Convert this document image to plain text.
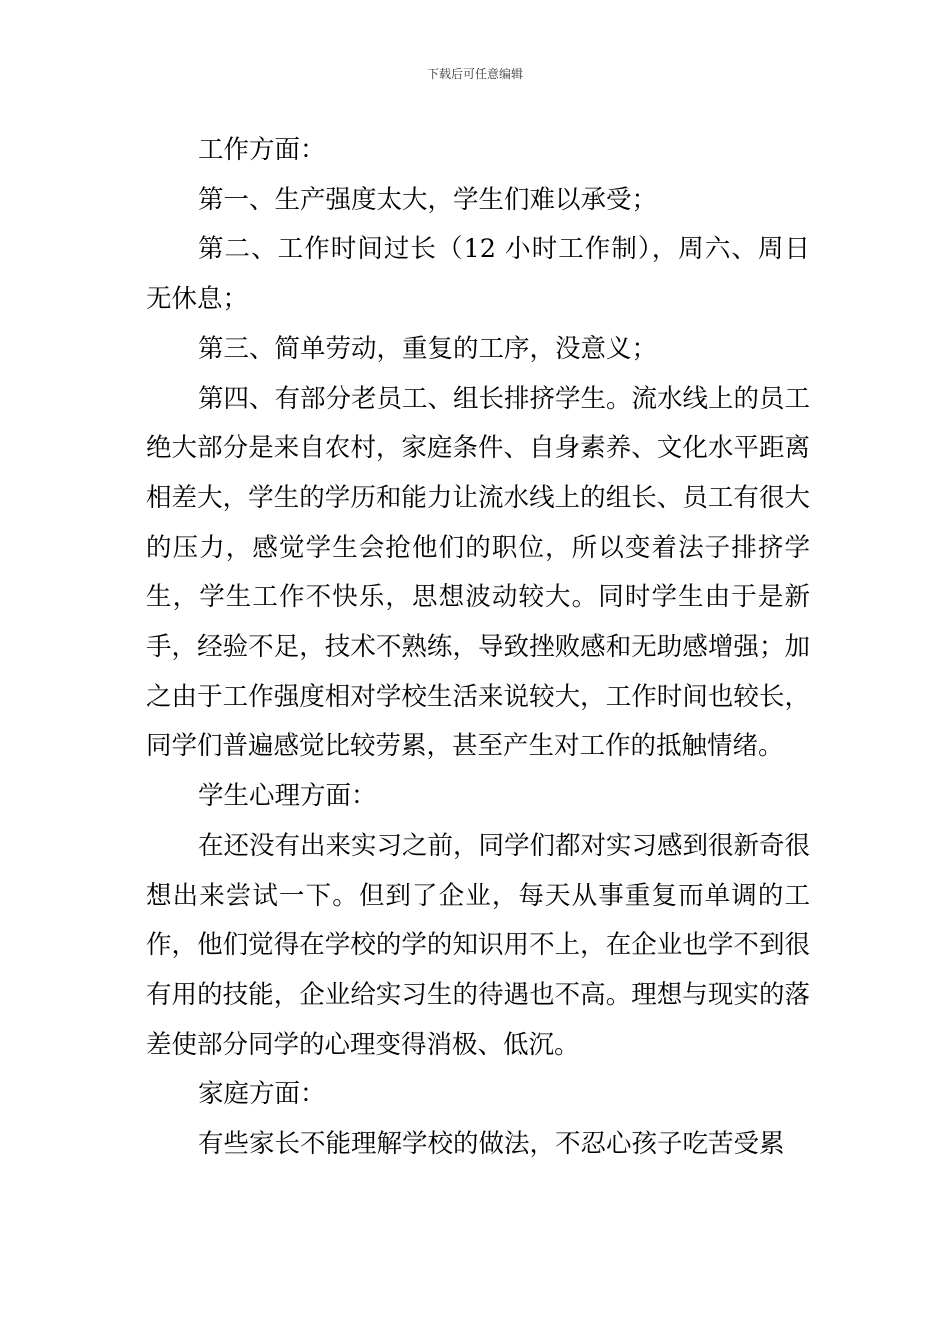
下载后可任意编辑

工作方面：

第一、生产强度太大，学生们难以承受；

第二、工作时间过长（12 小时工作制），周六、周日无休息；

第三、简单劳动，重复的工序，没意义；

第四、有部分老员工、组长排挤学生。流水线上的员工绝大部分是来自农村，家庭条件、自身素养、文化水平距离相差大，学生的学历和能力让流水线上的组长、员工有很大的压力，感觉学生会抢他们的职位，所以变着法子排挤学生，学生工作不快乐，思想波动较大。同时学生由于是新手，经验不足，技术不熟练，导致挫败感和无助感增强；加之由于工作强度相对学校生活来说较大，工作时间也较长，同学们普遍感觉比较劳累，甚至产生对工作的抵触情绪。

学生心理方面：

在还没有出来实习之前，同学们都对实习感到很新奇很想出来尝试一下。但到了企业，每天从事重复而单调的工作，他们觉得在学校的学的知识用不上，在企业也学不到很有用的技能，企业给实习生的待遇也不高。理想与现实的落差使部分同学的心理变得消极、低沉。

家庭方面：

有些家长不能理解学校的做法，不忍心孩子吃苦受累
